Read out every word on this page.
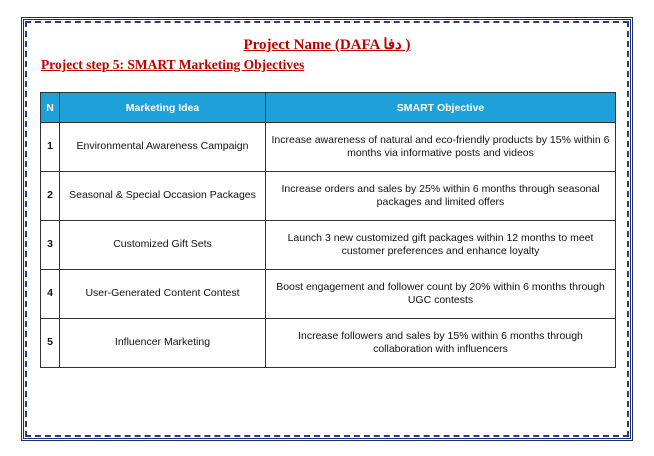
Project Name (DAFA دفا )
Project step 5: SMART Marketing Objectives
N	Marketing Idea	SMART Objective
1	Environmental Awareness Campaign	Increase awareness of natural and eco-friendly products by 15% within 6 months via informative posts and videos
2	Seasonal & Special Occasion Packages	Increase orders and sales by 25% within 6 months through seasonal packages and limited offers
3	Customized Gift Sets	Launch 3 new customized gift packages within 12 months to meet customer preferences and enhance loyalty
4	User-Generated Content Contest	Boost engagement and follower count by 20% within 6 months through UGC contests
5	Influencer Marketing	Increase followers and sales by 15% within 6 months through collaboration with influencers
